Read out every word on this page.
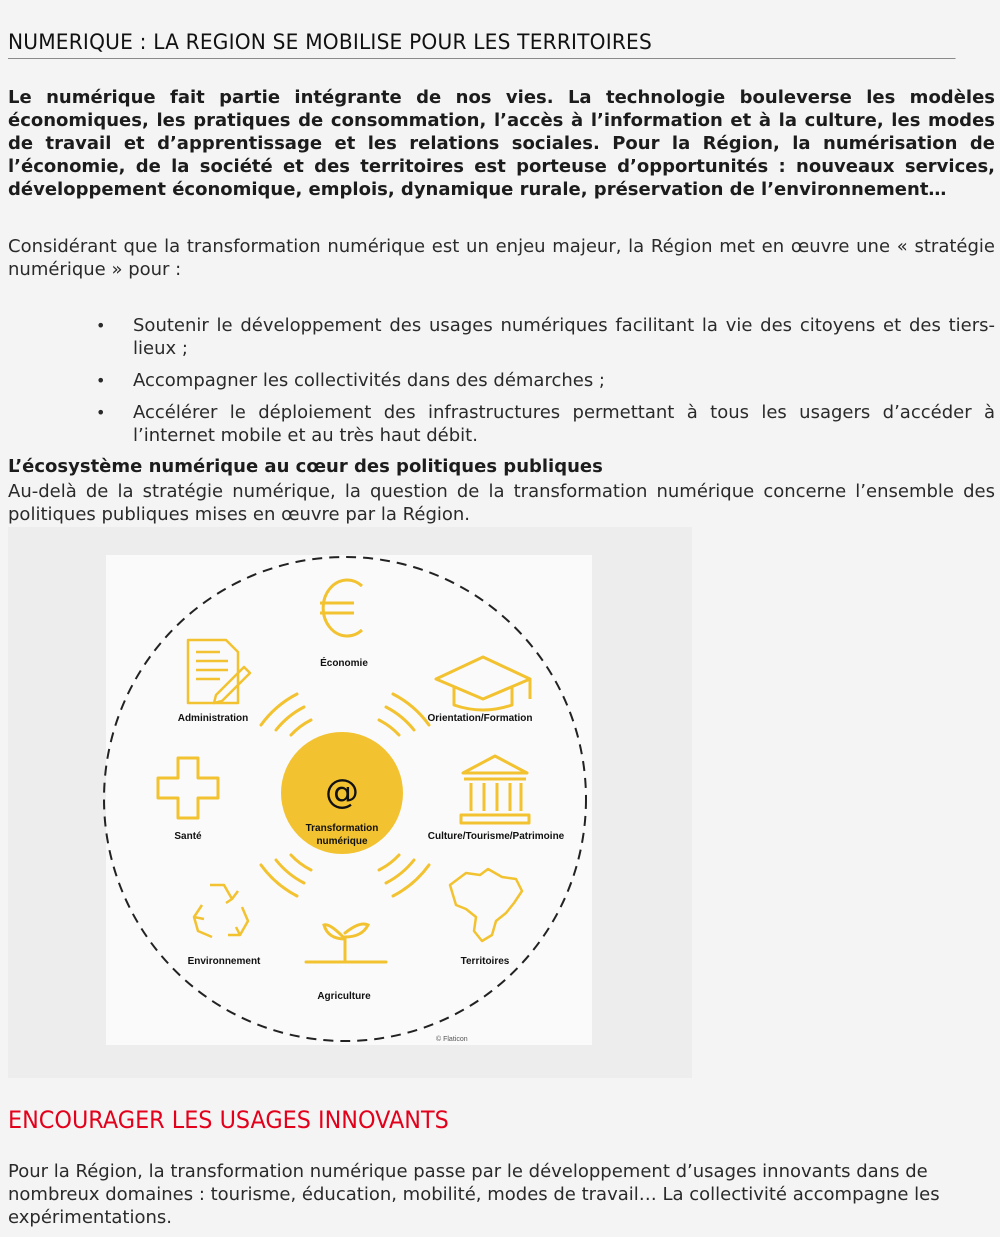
NUMERIQUE : LA REGION SE MOBILISE POUR LES TERRITOIRES
Le numérique fait partie intégrante de nos vies. La technologie bouleverse les modèles économiques, les pratiques de consommation, l’accès à l’information et à la culture, les modes de travail et d’apprentissage et les relations sociales. Pour la Région, la numérisation de l’économie, de la société et des territoires est porteuse d’opportunités : nouveaux services, développement économique, emplois, dynamique rurale, préservation de l’environnement…
Considérant que la transformation numérique est un enjeu majeur, la Région met en œuvre une « stratégie numérique » pour :
• Soutenir le développement des usages numériques facilitant la vie des citoyens et des tiers-lieux ;
• Accompagner les collectivités dans des démarches ;
• Accélérer le déploiement des infrastructures permettant à tous les usagers d’accéder à l’internet mobile et au très haut débit.
L’écosystème numérique au cœur des politiques publiques
Au-delà de la stratégie numérique, la question de la transformation numérique concerne l’ensemble des politiques publiques mises en œuvre par la Région.
@
Transformation
numérique
Économie
Orientation/Formation
Culture/Tourisme/Patrimoine
Territoires
Agriculture
Environnement
Santé
Administration
© Flaticon
ENCOURAGER LES USAGES INNOVANTS
Pour la Région, la transformation numérique passe par le développement d’usages innovants dans de nombreux domaines : tourisme, éducation, mobilité, modes de travail… La collectivité accompagne les expérimentations.
